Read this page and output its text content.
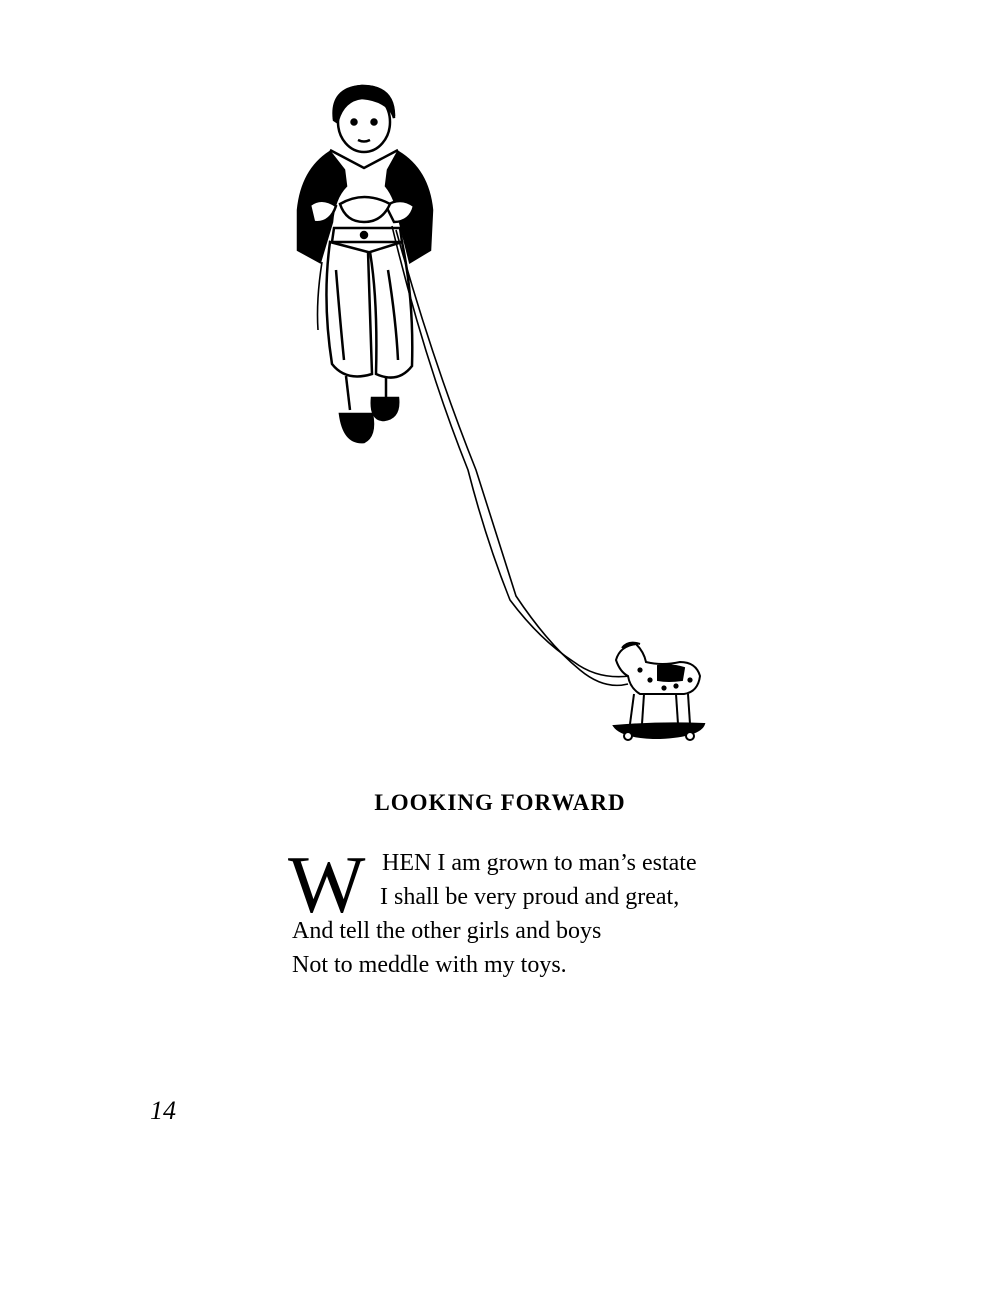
LOOKING FORWARD
W HEN I am grown to man’s estate
I shall be very proud and great,
And tell the other girls and boys
Not to meddle with my toys.
14
